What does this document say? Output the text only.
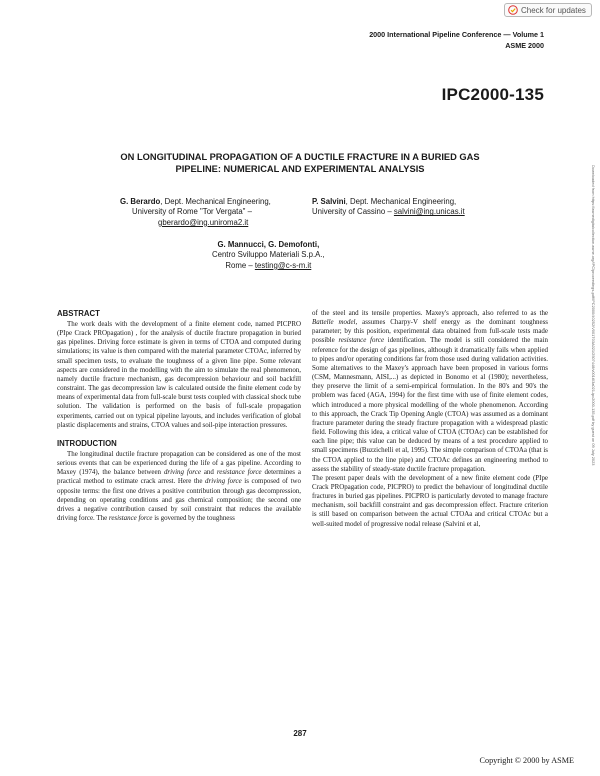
Check for updates
2000 International Pipeline Conference — Volume 1
ASME 2000
IPC2000-135
ON LONGITUDINAL PROPAGATION OF A DUCTILE FRACTURE IN A BURIED GAS
PIPELINE: NUMERICAL AND EXPERIMENTAL ANALYSIS
G. Berardo, Dept. Mechanical Engineering,
University of Rome "Tor Vergata" –
gberardo@ing.uniroma2.it
P. Salvini, Dept. Mechanical Engineering,
University of Cassino – salvini@ing.unicas.it
G. Mannucci, G. Demofonti,
Centro Sviluppo Materiali S.p.A.,
Rome – testing@c-s-m.it
ABSTRACT

The work deals with the development of a finite element code, named PICPRO (PIpe Crack PROpagation) , for the analysis of ductile fracture propagation in buried gas pipelines. Driving force estimate is given in terms of CTOA and computed during simulations; its value is then compared with the material parameter CTOAc, inferred by small specimen tests, to evaluate the toughness of a given line pipe. Some relevant aspects are considered in the modelling with the aim to simulate the real phenomenon, namely ductile fracture mechanism, gas decompression behaviour and soil backfill constraint. The gas decompression law is calculated outside the finite element code by means of experimental data from full-scale burst tests coupled with classical shock tube solution. The validation is performed on the basis of full-scale propagation experiments, carried out on typical pipeline layouts, and includes verification of global plastic displacements and strains, CTOA values and soil-pipe interaction pressures.

INTRODUCTION

The longitudinal ductile fracture propagation can be considered as one of the most serious events that can be experienced during the life of a gas pipeline. According to Maxey (1974), the balance between driving force and resistance force determines a practical method to estimate crack arrest. Here the driving force is composed of two opposite terms: the first one drives a positive contribution through gas decompression, depending on operating conditions and gas chemical composition; the second one drives a negative contribution caused by soil constraint that reduces the available driving force. The resistance force is governed by the toughness

of the steel and its tensile properties. Maxey's approach, also referred to as the Battelle model, assumes Charpy-V shelf energy as the dominant toughness parameter; by this position, experimental data obtained from full-scale tests made possible resistance force identification. The model is still considered the main reference for the design of gas pipelines, although it dramatically fails when applied to pipes and/or operating conditions far from those used during validation activities. Some alternatives to the Maxey's approach have been proposed in various forms (CSM, Mannesmann, AISI,...) as depicted in Bonomo et al (1980); nevertheless, they preserve the limit of a semi-empirical formulation. In the 80's and 90's the problem was faced (AGA, 1994) for the first time with use of finite element codes, which introduced a more physical modelling of the whole phenomenon. According to this approach, the Crack Tip Opening Angle (CTOA) was assumed as a dominant fracture parameter during the steady fracture propagation with a widespread plastic field. Following this idea, a critical value of CTOA (CTOAc) can be established for each line pipe; this value can be deduced by means of a test procedure applied to small specimens (Buzzichelli et al, 1995). The simple comparison of CTOAa (that is the CTOA applied to the line pipe) and CTOAc defines an engineering method to assess the stability of steady-state ductile fracture propagation.

The present paper deals with the development of a new finite element code (PIpe Crack PROpagation code, PICPRO) to predict the behaviour of longitudinal ductile fractures in buried gas pipelines. PICPRO is particularly devoted to manage fracture mechanism, soil backfill constraint and gas decompression effect. Fracture criterion is still based on comparison between the actual CTOAa and critical CTOAc but a well-suited model of progressive nodal release (Salvini et al,

287
Copyright © 2000 by ASME
Downloaded from https://asmedigitalcollection.asme.org/IPC/proceedings-pdf/IPC2000/40252/V001T03A021/2507448/v001t03a021-ipc2000-135.pdf by guest on 09 July 2023
